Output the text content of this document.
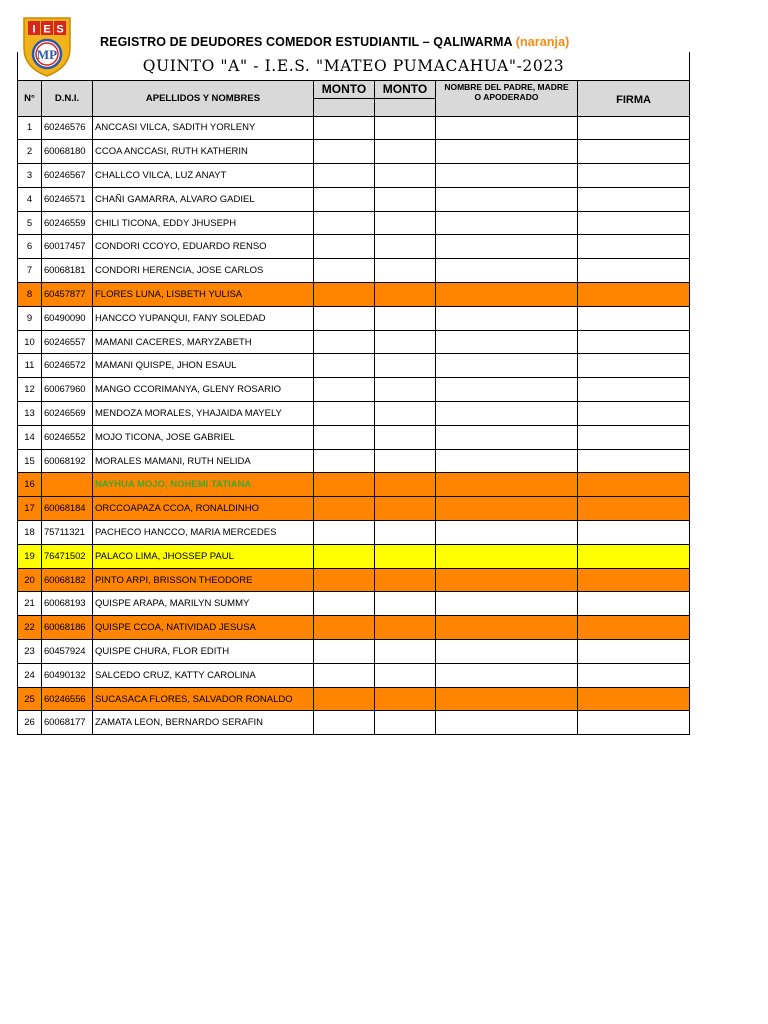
I E S
MP
REGISTRO DE DEUDORES COMEDOR ESTUDIANTIL – QALIWARMA (naranja)
QUINTO "A" - I.E.S. "MATEO PUMACAHUA"-2023						
N°	D.N.I.	APELLIDOS Y NOMBRES	MONTO	MONTO	NOMBRE DEL PADRE, MADRE O APODERADO	FIRMA

1	60246576	ANCCASI VILCA, SADITH YORLENY				
2	60068180	CCOA ANCCASI, RUTH KATHERIN				
3	60246567	CHALLCO VILCA, LUZ ANAYT				
4	60246571	CHAÑI GAMARRA, ALVARO GADIEL				
5	60246559	CHILI TICONA, EDDY JHUSEPH				
6	60017457	CONDORI CCOYO, EDUARDO RENSO				
7	60068181	CONDORI HERENCIA, JOSE CARLOS				
8	60457877	FLORES LUNA, LISBETH YULISA				
9	60490090	HANCCO YUPANQUI, FANY SOLEDAD				
10	60246557	MAMANI CACERES, MARYZABETH				
11	60246572	MAMANI QUISPE, JHON ESAUL				
12	60067960	MANGO CCORIMANYA, GLENY ROSARIO				
13	60246569	MENDOZA MORALES, YHAJAIDA MAYELY				
14	60246552	MOJO TICONA, JOSE GABRIEL				
15	60068192	MORALES MAMANI, RUTH NELIDA				
16		NAYHUA MOJO, NOHEMI TATIANA				
17	60068184	ORCCOAPAZA CCOA, RONALDINHO				
18	75711321	PACHECO HANCCO, MARIA MERCEDES				
19	76471502	PALACO LIMA, JHOSSEP PAUL				
20	60068182	PINTO ARPI, BRISSON THEODORE				
21	60068193	QUISPE ARAPA, MARILYN SUMMY				
22	60068186	QUISPE CCOA, NATIVIDAD JESUSA				
23	60457924	QUISPE CHURA, FLOR EDITH				
24	60490132	SALCEDO CRUZ, KATTY CAROLINA				
25	60246556	SUCASACA FLORES, SALVADOR RONALDO				
26	60068177	ZAMATA LEON, BERNARDO SERAFIN				
